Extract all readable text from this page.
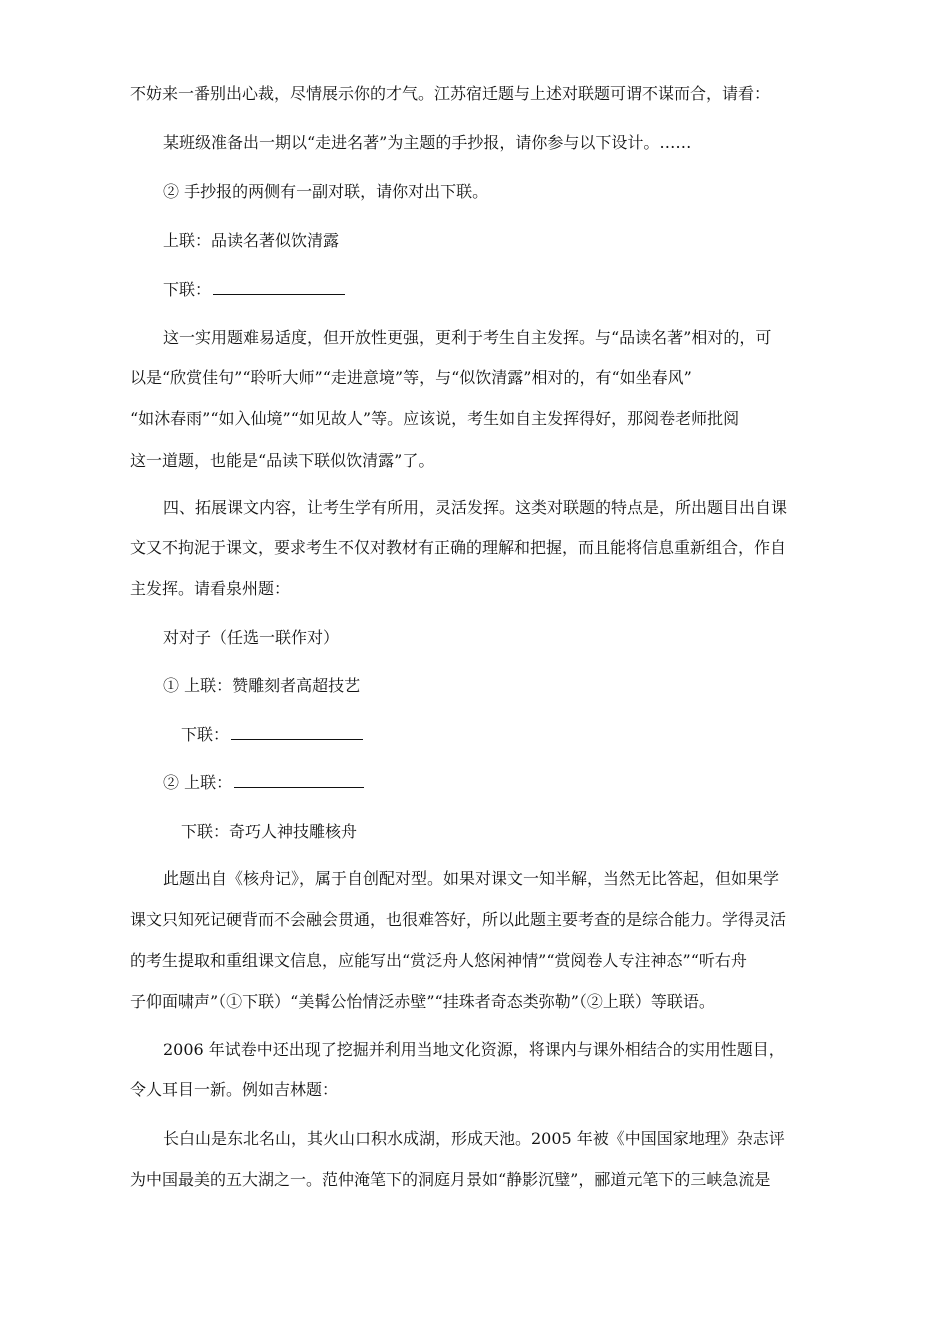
不妨来一番别出心裁，尽情展示你的才气。江苏宿迁题与上述对联题可谓不谋而合，请看：
某班级准备出一期以“走进名著”为主题的手抄报，请你参与以下设计。……
② 手抄报的两侧有一副对联，请你对出下联。
上联：品读名著似饮清露
下联：
这一实用题难易适度，但开放性更强，更利于考生自主发挥。与“品读名著”相对的，可
以是“欣赏佳句”“聆听大师”“走进意境”等，与“似饮清露”相对的，有“如坐春风”
“如沐春雨”“如入仙境”“如见故人”等。应该说，考生如自主发挥得好，那阅卷老师批阅
这一道题，也能是“品读下联似饮清露”了。
四、拓展课文内容，让考生学有所用，灵活发挥。这类对联题的特点是，所出题目出自课
文又不拘泥于课文，要求考生不仅对教材有正确的理解和把握，而且能将信息重新组合，作自
主发挥。请看泉州题：
对对子（任选一联作对）
① 上联：赞雕刻者高超技艺
下联：
② 上联：
下联：奇巧人神技雕核舟
此题出自《核舟记》，属于自创配对型。如果对课文一知半解，当然无比答起，但如果学
课文只知死记硬背而不会融会贯通，也很难答好，所以此题主要考查的是综合能力。学得灵活
的考生提取和重组课文信息，应能写出“赏泛舟人悠闲神情”“赏阅卷人专注神态”“听右舟
子仰面啸声”（①下联）“美髯公怡情泛赤壁”“挂珠者奇态类弥勒”（②上联）等联语。
2006 年试卷中还出现了挖掘并利用当地文化资源，将课内与课外相结合的实用性题目，
令人耳目一新。例如吉林题：
长白山是东北名山，其火山口积水成湖，形成天池。2005 年被《中国国家地理》杂志评
为中国最美的五大湖之一。范仲淹笔下的洞庭月景如“静影沉璧”，郦道元笔下的三峡急流是
